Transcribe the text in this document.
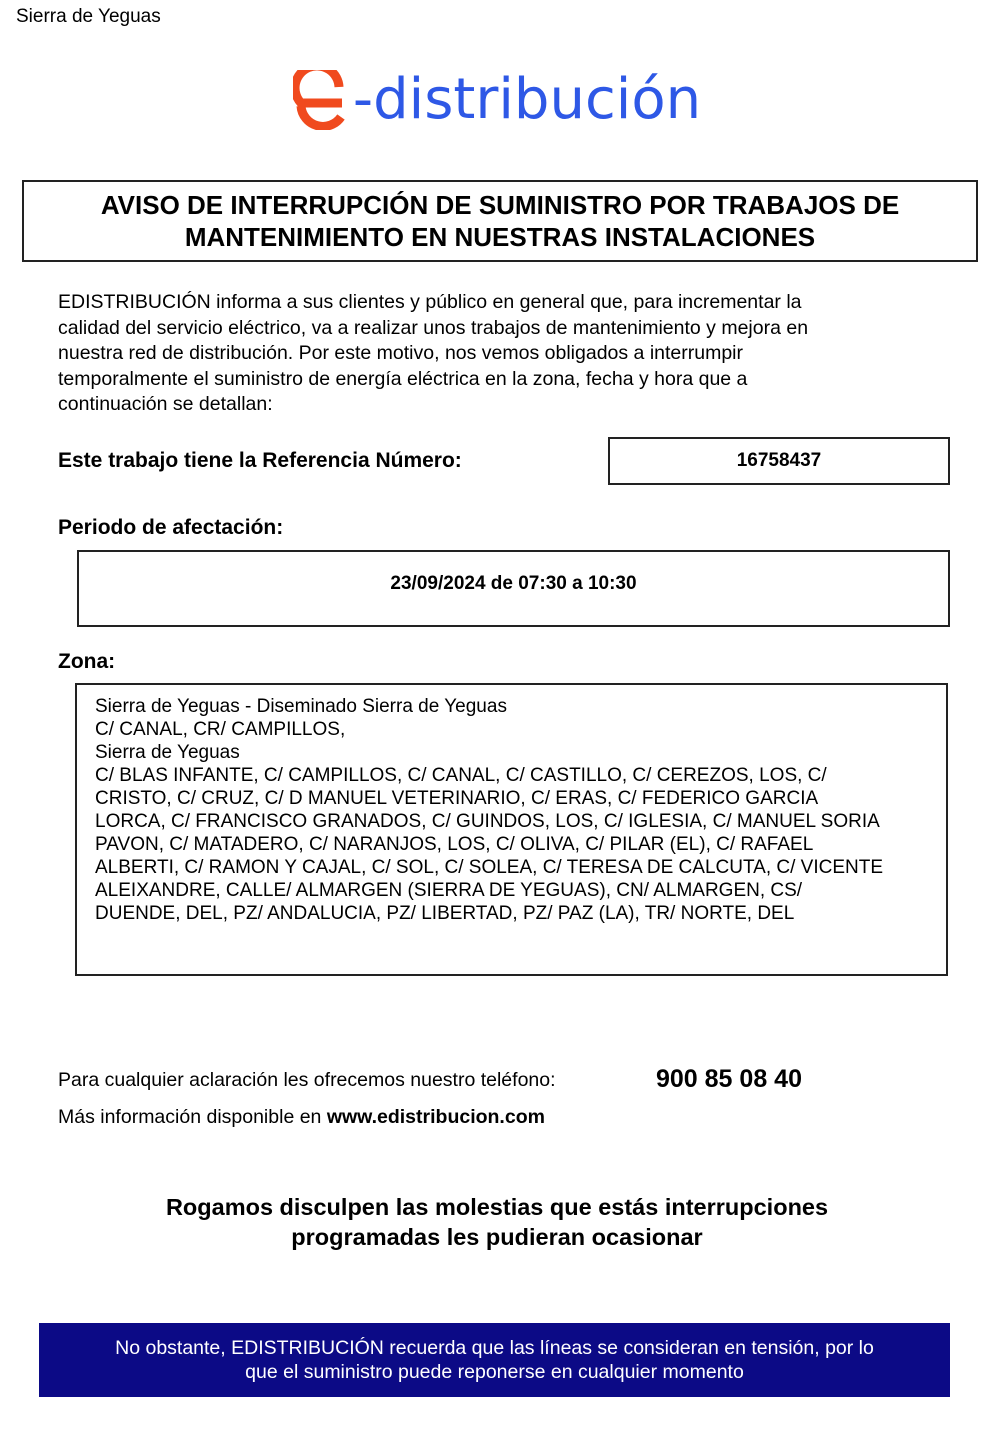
Sierra de Yeguas
-distribución
AVISO DE INTERRUPCIÓN DE SUMINISTRO POR TRABAJOS DE
MANTENIMIENTO EN NUESTRAS INSTALACIONES
EDISTRIBUCIÓN informa a sus clientes y público en general que, para incrementar la
calidad del servicio eléctrico, va a realizar unos trabajos de mantenimiento y mejora en
nuestra red de distribución. Por este motivo, nos vemos obligados a interrumpir
temporalmente el suministro de energía eléctrica en la zona, fecha y hora que a
continuación se detallan:
Este trabajo tiene la Referencia Número:	16758437
Periodo de afectación:
23/09/2024 de 07:30 a 10:30
Zona:
Sierra de Yeguas - Diseminado Sierra de Yeguas
C/ CANAL, CR/ CAMPILLOS,
Sierra de Yeguas
C/ BLAS INFANTE, C/ CAMPILLOS, C/ CANAL, C/ CASTILLO, C/ CEREZOS, LOS, C/
CRISTO, C/ CRUZ, C/ D MANUEL VETERINARIO, C/ ERAS, C/ FEDERICO GARCIA
LORCA, C/ FRANCISCO GRANADOS, C/ GUINDOS, LOS, C/ IGLESIA, C/ MANUEL SORIA
PAVON, C/ MATADERO, C/ NARANJOS, LOS, C/ OLIVA, C/ PILAR (EL), C/ RAFAEL
ALBERTI, C/ RAMON Y CAJAL, C/ SOL, C/ SOLEA, C/ TERESA DE CALCUTA, C/ VICENTE
ALEIXANDRE, CALLE/ ALMARGEN (SIERRA DE YEGUAS), CN/ ALMARGEN, CS/
DUENDE, DEL, PZ/ ANDALUCIA, PZ/ LIBERTAD, PZ/ PAZ (LA), TR/ NORTE, DEL
Para cualquier aclaración les ofrecemos nuestro teléfono:	900 85 08 40
Más información disponible en www.edistribucion.com
Rogamos disculpen las molestias que estás interrupciones
programadas les pudieran ocasionar
No obstante, EDISTRIBUCIÓN recuerda que las líneas se consideran en tensión, por lo
que el suministro puede reponerse en cualquier momento
